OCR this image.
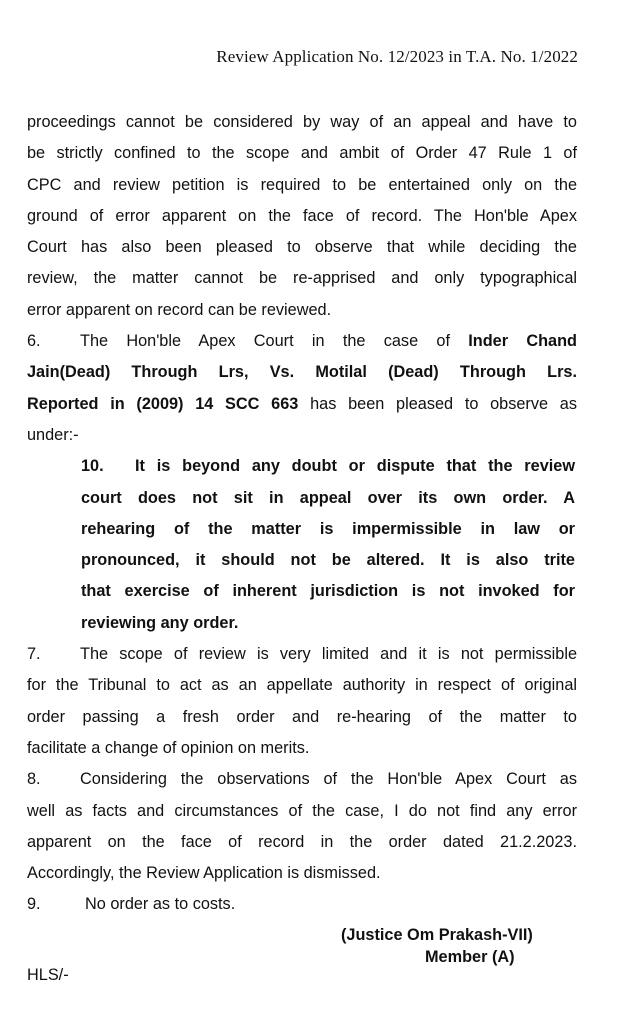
Review Application No. 12/2023 in T.A. No. 1/2022
proceedings cannot be considered by way of an appeal and have to
be strictly confined to the scope and ambit of Order 47 Rule 1 of
CPC and review petition is required to be entertained only on the
ground of error apparent on the face of record. The Hon'ble Apex
Court has also been pleased to observe that while deciding the
review, the matter cannot be re-apprised and only typographical
error apparent on record can be reviewed.
6. The Hon'ble Apex Court in the case of Inder Chand
Jain(Dead) Through Lrs, Vs. Motilal (Dead) Through Lrs.
Reported in (2009) 14 SCC 663 has been pleased to observe as
under:-
10. It is beyond any doubt or dispute that the review
court does not sit in appeal over its own order. A
rehearing of the matter is impermissible in law or
pronounced, it should not be altered. It is also trite
that exercise of inherent jurisdiction is not invoked for
reviewing any order.
7. The scope of review is very limited and it is not permissible
for the Tribunal to act as an appellate authority in respect of original
order passing a fresh order and re-hearing of the matter to
facilitate a change of opinion on merits.
8. Considering the observations of the Hon'ble Apex Court as
well as facts and circumstances of the case, I do not find any error
apparent on the face of record in the order dated 21.2.2023.
Accordingly, the Review Application is dismissed.
9.	No order as to costs.
(Justice Om Prakash-VII)
Member (A)
HLS/-
